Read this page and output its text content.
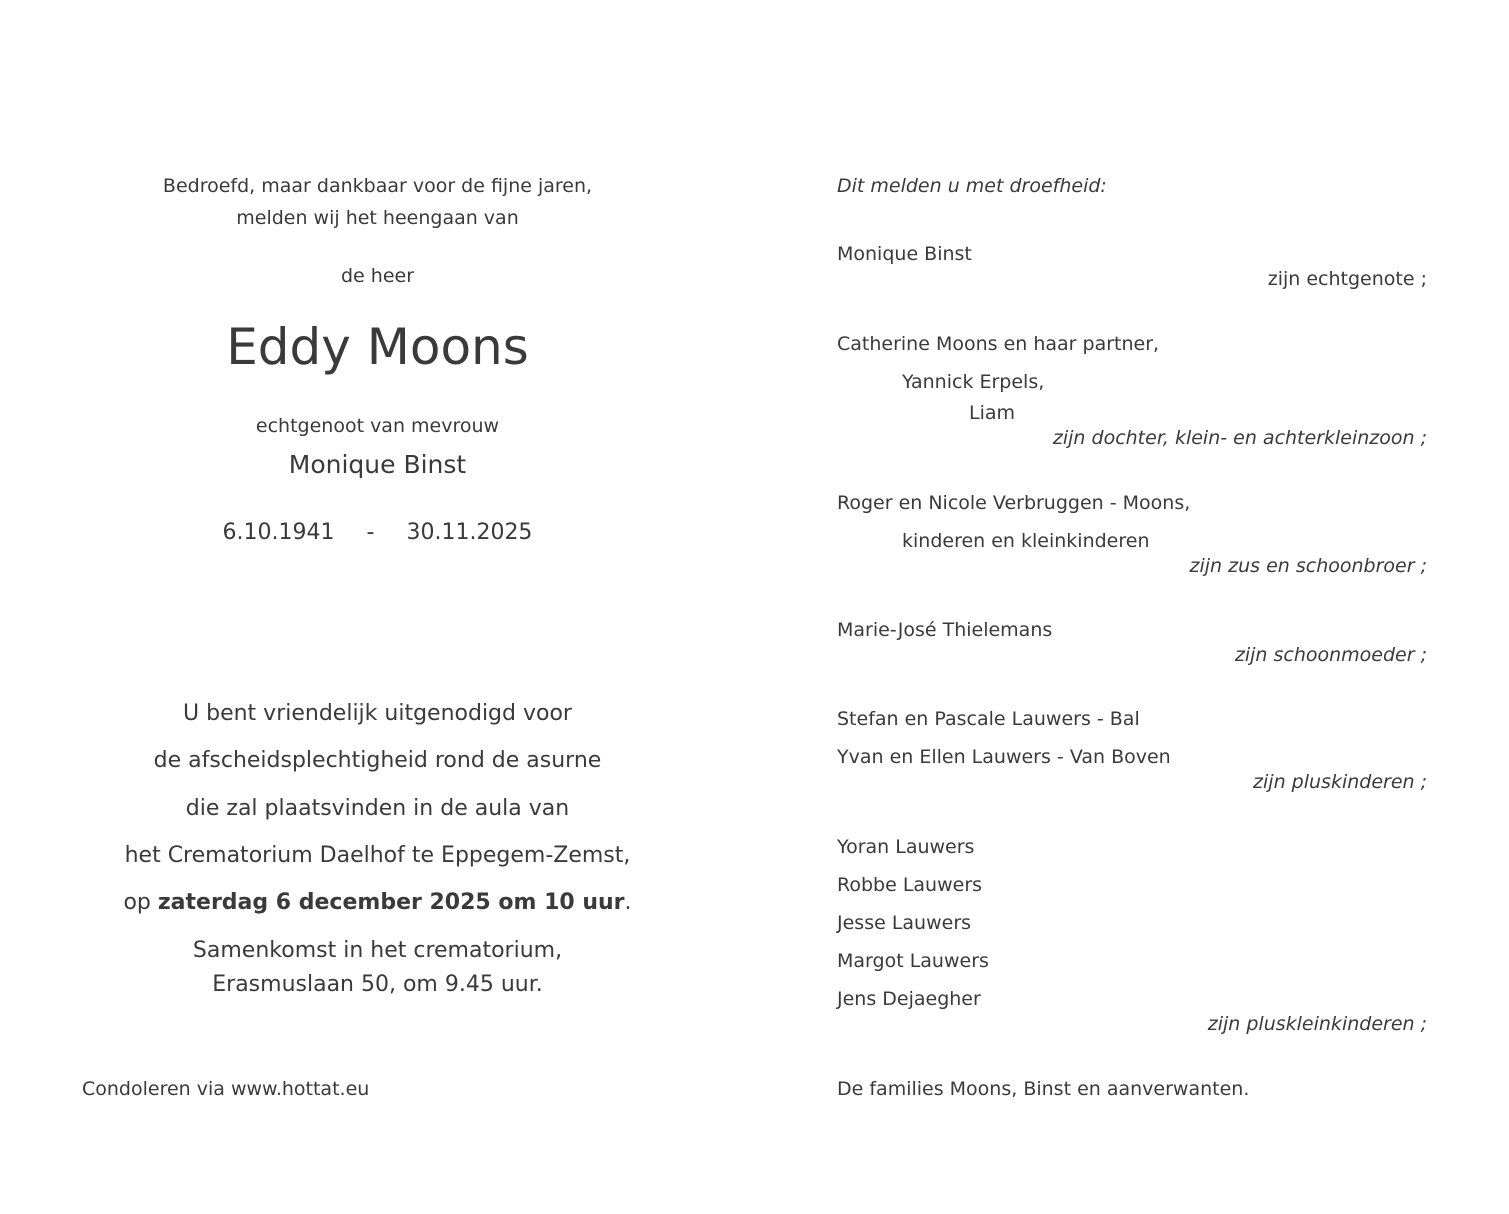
Bedroefd, maar dankbaar voor de fijne jaren,
melden wij het heengaan van
de heer
Eddy Moons
echtgenoot van mevrouw
Monique Binst
6.10.1941 - 30.11.2025
U bent vriendelijk uitgenodigd voor
de afscheidsplechtigheid rond de asurne
die zal plaatsvinden in de aula van
het Crematorium Daelhof te Eppegem-Zemst,
op zaterdag 6 december 2025 om 10 uur.
Samenkomst in het crematorium,
Erasmuslaan 50, om 9.45 uur.
Condoleren via www.hottat.eu
Dit melden u met droefheid:
Monique Binst
zijn echtgenote ;
Catherine Moons en haar partner,
Yannick Erpels,
Liam
zijn dochter, klein- en achterkleinzoon ;
Roger en Nicole Verbruggen - Moons,
kinderen en kleinkinderen
zijn zus en schoonbroer ;
Marie-José Thielemans
zijn schoonmoeder ;
Stefan en Pascale Lauwers - Bal
Yvan en Ellen Lauwers - Van Boven
zijn pluskinderen ;
Yoran Lauwers
Robbe Lauwers
Jesse Lauwers
Margot Lauwers
Jens Dejaegher
zijn pluskleinkinderen ;
De families Moons, Binst en aanverwanten.
